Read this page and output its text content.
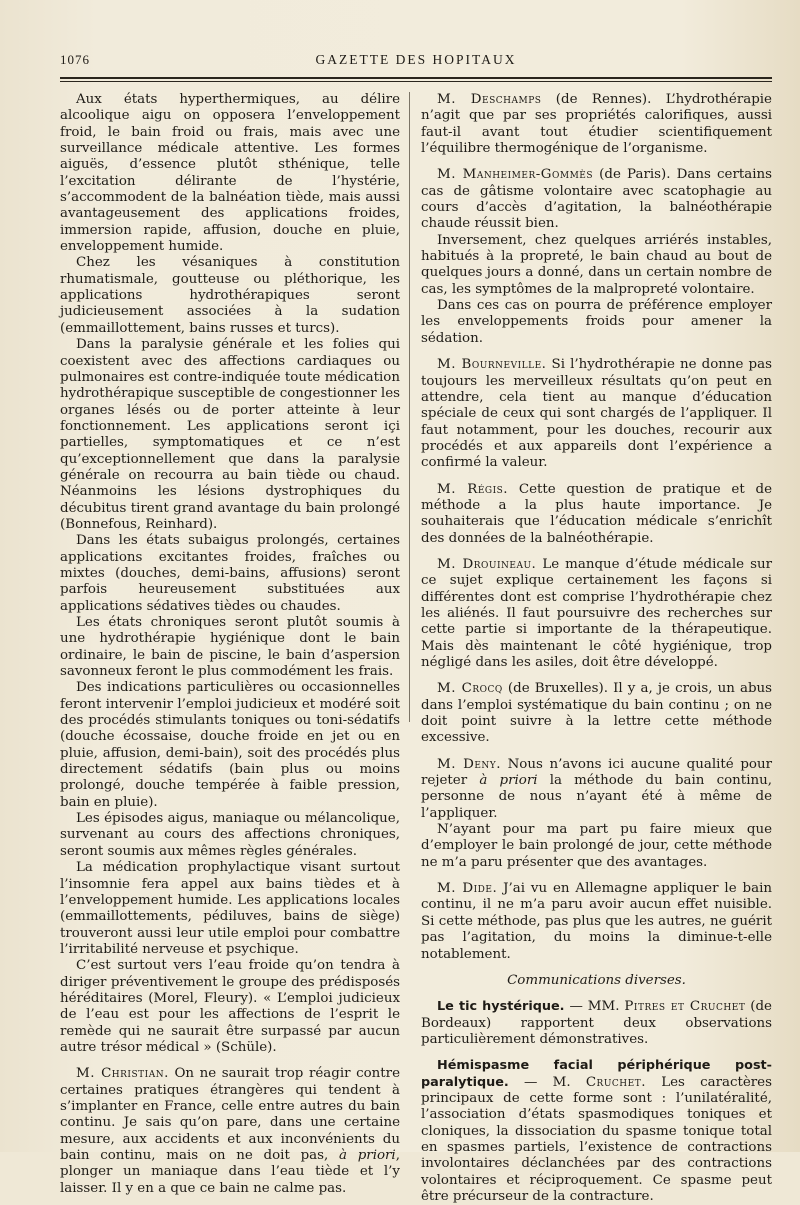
1076	GAZETTE DES HOPITAUX

Aux états hyperthermiques, au délire alcoolique aigu on opposera l’enveloppement froid, le bain froid ou frais, mais avec une surveillance médicale attentive. Les formes aiguës, d’essence plutôt sthénique, telle l’excitation délirante de l’hystérie, s’accommodent de la balnéation tiède, mais aussi avantageusement des applications froides, immersion rapide, affusion, douche en pluie, enveloppement humide.

Chez les vésaniques à constitution rhumatismale, goutteuse ou pléthorique, les applications hydrothérapiques seront judicieusement associées à la sudation (emmaillottement, bains russes et turcs).

Dans la paralysie générale et les folies qui coexistent avec des affections cardiaques ou pulmonaires est contre-indiquée toute médication hydrothérapique susceptible de congestionner les organes lésés ou de porter atteinte à leur fonctionnement. Les applications seront içi partielles, symptomatiques et ce n’est qu’exceptionnellement que dans la paralysie générale on recourra au bain tiède ou chaud. Néanmoins les lésions dystrophiques du décubitus tirent grand avantage du bain prolongé (Bonnefous, Reinhard).

Dans les états subaigus prolongés, certaines applications excitantes froides, fraîches ou mixtes (douches, demi-bains, affusions) seront parfois heureusement substituées aux applications sédatives tièdes ou chaudes.

Les états chroniques seront plutôt soumis à une hydrothérapie hygiénique dont le bain ordinaire, le bain de piscine, le bain d’aspersion savonneux feront le plus commodément les frais.

Des indications particulières ou occasionnelles feront intervenir l’emploi judicieux et modéré soit des procédés stimulants toniques ou toni-sédatifs (douche écossaise, douche froide en jet ou en pluie, affusion, demi-bain), soit des procédés plus directement sédatifs (bain plus ou moins prolongé, douche tempérée à faible pression, bain en pluie).

Les épisodes aigus, maniaque ou mélancolique, survenant au cours des affections chroniques, seront soumis aux mêmes règles générales.

La médication prophylactique visant surtout l’insomnie fera appel aux bains tièdes et à l’enveloppement humide. Les applications locales (emmaillottements, pédiluves, bains de siège) trouveront aussi leur utile emploi pour combattre l’irritabilité nerveuse et psychique.

C’est surtout vers l’eau froide qu’on tendra à diriger préventivement le groupe des prédisposés héréditaires (Morel, Fleury). « L’emploi judicieux de l’eau est pour les affections de l’esprit le remède qui ne saurait être surpassé par aucun autre trésor médical » (Schüle).

M. Christian. On ne saurait trop réagir contre certaines pratiques étrangères qui tendent à s’implanter en France, celle entre autres du bain continu. Je sais qu’on pare, dans une certaine mesure, aux accidents et aux inconvénients du bain continu, mais on ne doit pas, à priori, plonger un maniaque dans l’eau tiède et l’y laisser. Il y en a que ce bain ne calme pas.

M. Deschamps (de Rennes). L’hydrothérapie n’agit que par ses propriétés calorifiques, aussi faut-il avant tout étudier scientifiquement l’équilibre thermogénique de l’organisme.

M. Manheimer-Gommès (de Paris). Dans certains cas de gâtisme volontaire avec scatophagie au cours d’accès d’agitation, la balnéothérapie chaude réussit bien.

Inversement, chez quelques arriérés instables, habitués à la propreté, le bain chaud au bout de quelques jours a donné, dans un certain nombre de cas, les symptômes de la malpropreté volontaire.

Dans ces cas on pourra de préférence employer les enveloppements froids pour amener la sédation.

M. Bourneville. Si l’hydrothérapie ne donne pas toujours les merveilleux résultats qu’on peut en attendre, cela tient au manque d’éducation spéciale de ceux qui sont chargés de l’appliquer. Il faut notamment, pour les douches, recourir aux procédés et aux appareils dont l’expérience a confirmé la valeur.

M. Régis. Cette question de pratique et de méthode a la plus haute importance. Je souhaiterais que l’éducation médicale s’enrichît des données de la balnéothérapie.

M. Drouineau. Le manque d’étude médicale sur ce sujet explique certainement les façons si différentes dont est comprise l’hydrothérapie chez les aliénés. Il faut poursuivre des recherches sur cette partie si importante de la thérapeutique. Mais dès maintenant le côté hygiénique, trop négligé dans les asiles, doit être développé.

M. Crocq (de Bruxelles). Il y a, je crois, un abus dans l’emploi systématique du bain continu ; on ne doit point suivre à la lettre cette méthode excessive.

M. Deny. Nous n’avons ici aucune qualité pour rejeter à priori la méthode du bain continu, personne de nous n’ayant été à même de l’appliquer.

N’ayant pour ma part pu faire mieux que d’employer le bain prolongé de jour, cette méthode ne m’a paru présenter que des avantages.

M. Dide. J’ai vu en Allemagne appliquer le bain continu, il ne m’a paru avoir aucun effet nuisible. Si cette méthode, pas plus que les autres, ne guérit pas l’agitation, du moins la diminue-t-elle notablement.

Communications diverses.

Le tic hystérique. — MM. Pitres et Cruchet (de Bordeaux) rapportent deux observations particulièrement démonstratives.

Hémispasme facial périphérique post-paralytique. — M. Cruchet. Les caractères principaux de cette forme sont : l’unilatéralité, l’association d’états spasmodiques toniques et cloniques, la dissociation du spasme tonique total en spasmes partiels, l’existence de contractions involontaires déclanchées par des contractions volontaires et réciproquement. Ce spasme peut être précurseur de la contracture.
